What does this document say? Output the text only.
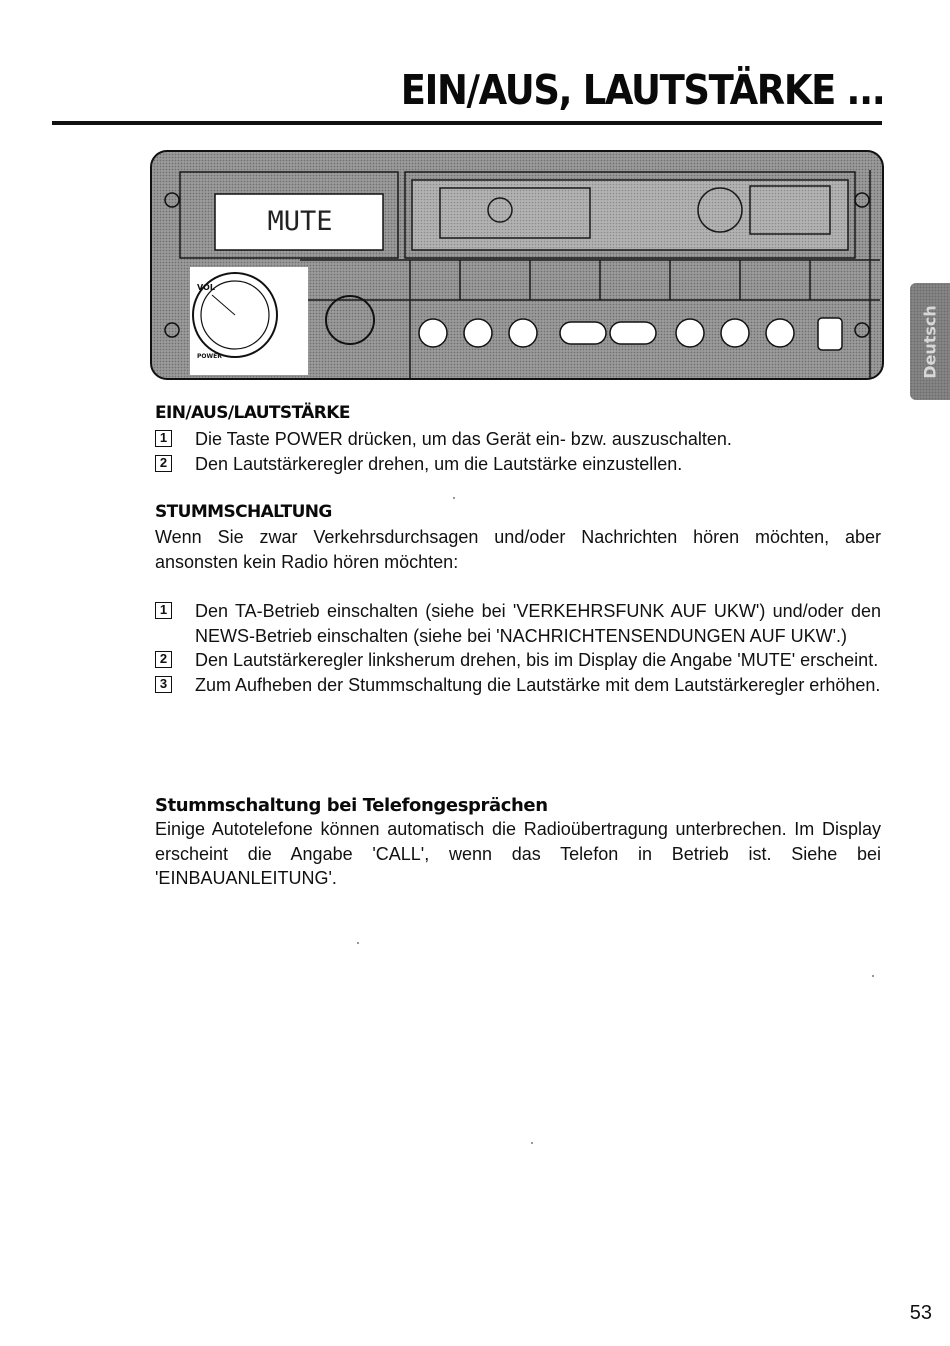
EIN/AUS, LAUTSTÄRKE ...
MUTE
VOL
POWER	Deutsch
EIN/AUS/LAUTSTÄRKE
1 Die Taste POWER drücken, um das Gerät ein- bzw. auszuschalten.
2 Den Lautstärkeregler drehen, um die Lautstärke einzustellen.
STUMMSCHALTUNG

Wenn Sie zwar Verkehrsdurchsagen und/oder Nachrichten hören möchten, aber ansonsten kein Radio hören möchten:

1 Den TA-Betrieb einschalten (siehe bei 'VERKEHRSFUNK AUF UKW') und/oder den NEWS-Betrieb einschalten (siehe bei 'NACHRICHTENSENDUNGEN AUF UKW'.)
2 Den Lautstärkeregler linksherum drehen, bis im Display die Angabe 'MUTE' erscheint.
3 Zum Aufheben der Stummschaltung die Lautstärke mit dem Lautstärkeregler erhöhen.
Stummschaltung bei Telefongesprächen

Einige Autotelefone können automatisch die Radioübertragung unterbrechen. Im Display erscheint die Angabe 'CALL', wenn das Telefon in Betrieb ist. Siehe bei 'EINBAUANLEITUNG'.

53
